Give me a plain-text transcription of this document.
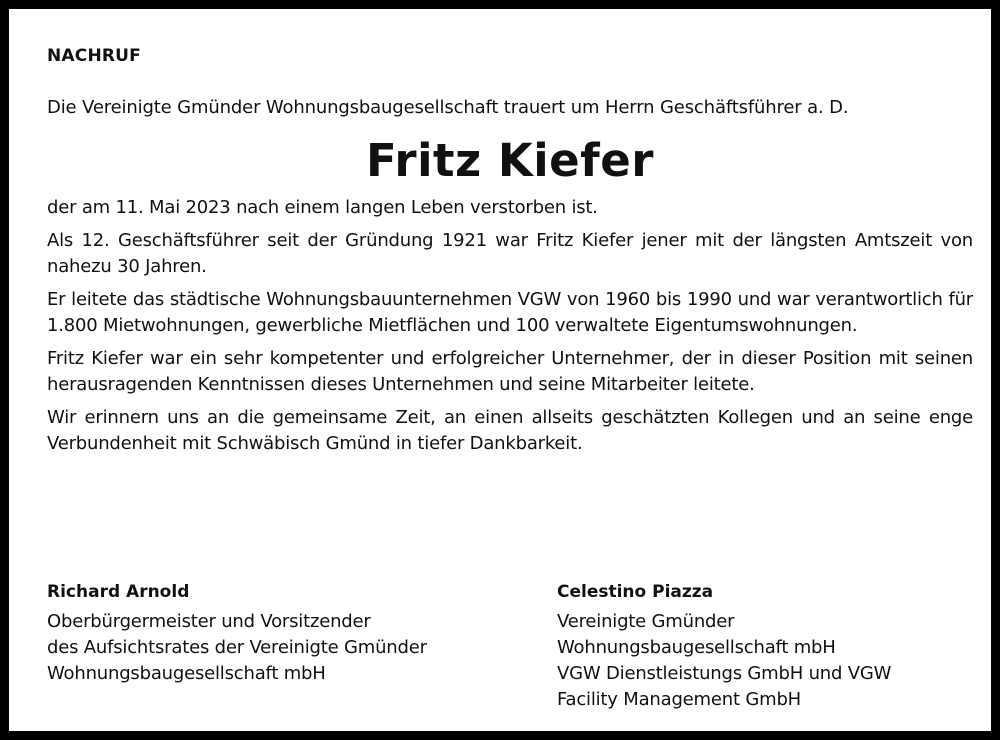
NACHRUF

Die Vereinigte Gmünder Wohnungsbaugesellschaft trauert um Herrn Geschäftsführer a. D.

Fritz Kiefer

der am 11. Mai 2023 nach einem langen Leben verstorben ist.

Als 12. Geschäftsführer seit der Gründung 1921 war Fritz Kiefer jener mit der längsten Amtszeit von nahezu 30 Jahren.

Er leitete das städtische Wohnungsbauunternehmen VGW von 1960 bis 1990 und war verantwortlich für 1.800 Mietwohnungen, gewerbliche Mietflächen und 100 verwaltete Eigentumswohnungen.

Fritz Kiefer war ein sehr kompetenter und erfolgreicher Unternehmer, der in dieser Position mit seinen herausragenden Kenntnissen dieses Unternehmen und seine Mitarbeiter leitete.

Wir erinnern uns an die gemeinsame Zeit, an einen allseits geschätzten Kollegen und an seine enge Verbundenheit mit Schwäbisch Gmünd in tiefer Dankbarkeit.

Richard Arnold
Oberbürgermeister und Vorsitzender
des Aufsichtsrates der Vereinigte Gmünder
Wohnungsbaugesellschaft mbH
Celestino Piazza
Vereinigte Gmünder
Wohnungsbaugesellschaft mbH
VGW Dienstleistungs GmbH und VGW
Facility Management GmbH
